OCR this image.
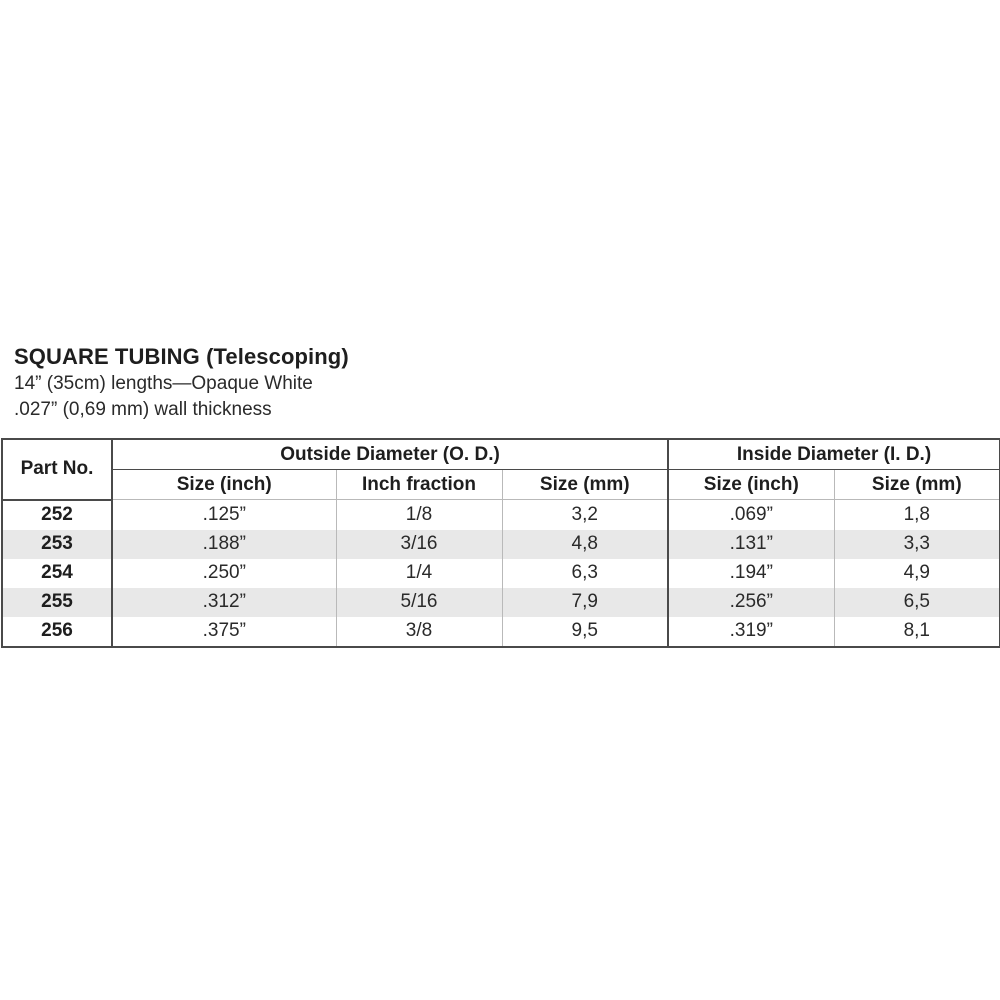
SQUARE TUBING (Telescoping)
14” (35cm) lengths—Opaque White
.027” (0,69 mm) wall thickness
Part No.	Outside Diameter (O. D.)			Inside Diameter (I. D.)	
	Size (inch)	Inch fraction	Size (mm)	Size (inch)	Size (mm)
252	.125”	1/8	3,2	.069”	1,8
253	.188”	3/16	4,8	.131”	3,3
254	.250”	1/4	6,3	.194”	4,9
255	.312”	5/16	7,9	.256”	6,5
256	.375”	3/8	9,5	.319”	8,1
